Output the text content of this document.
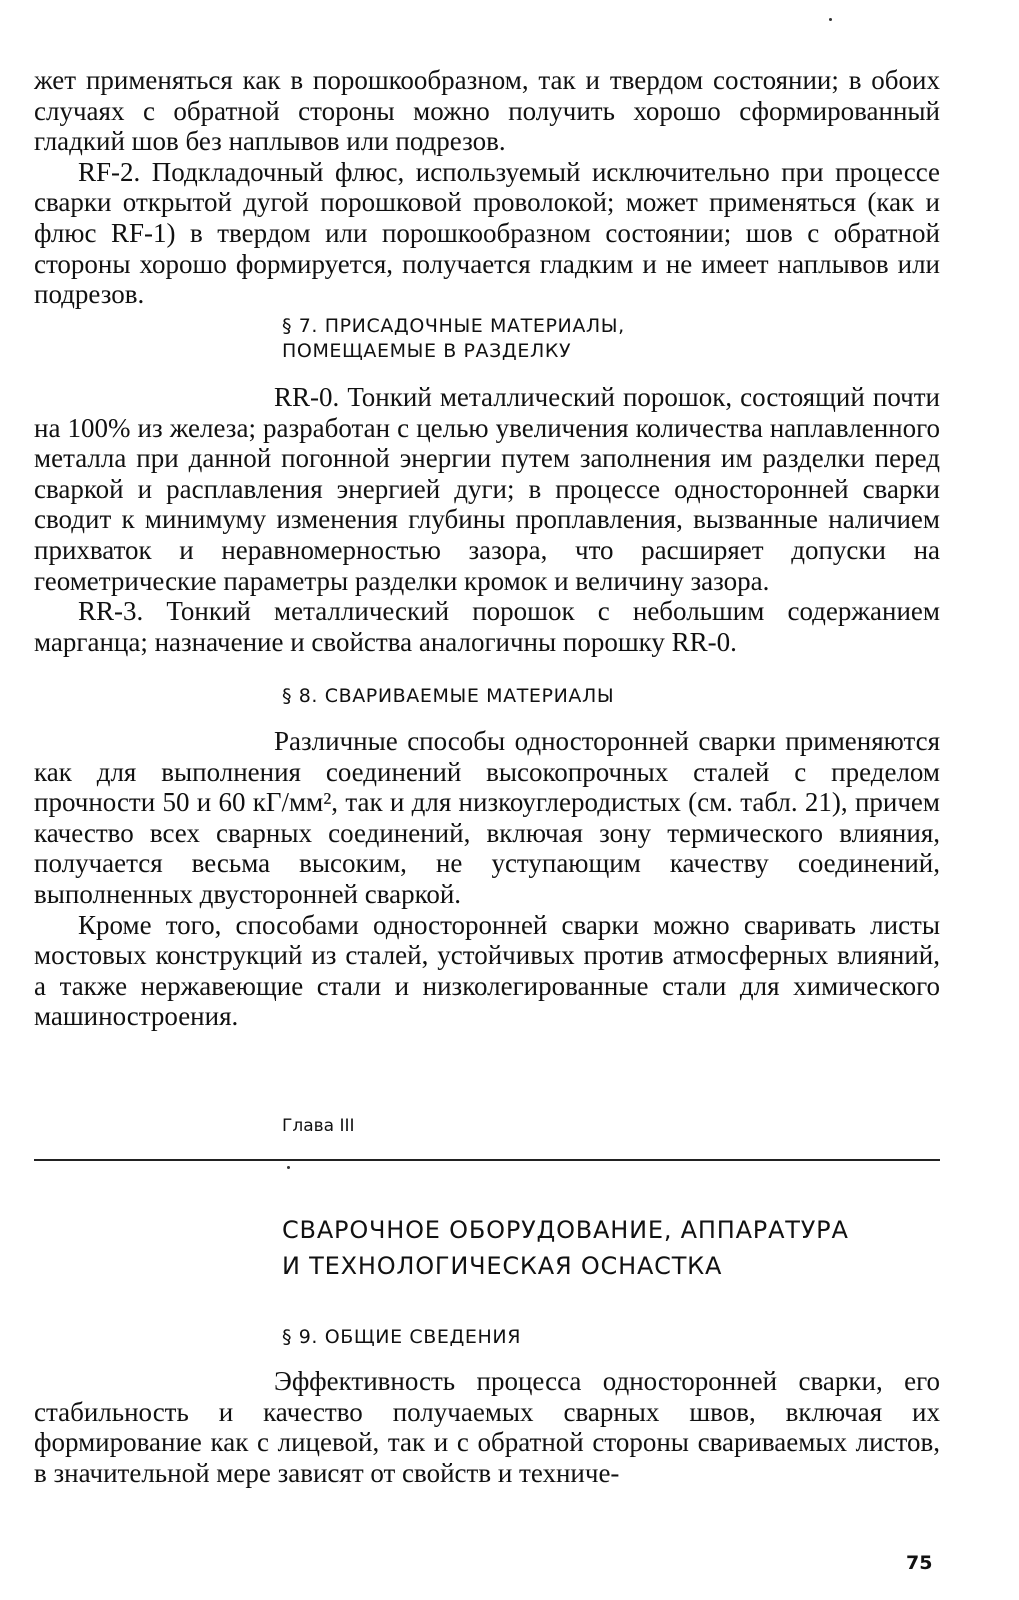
жет применяться как в порошкообразном, так и твердом состоянии; в обоих случаях с обратной стороны можно получить хорошо сформированный гладкий шов без наплывов или подрезов.

RF-2. Подкладочный флюс, используемый исключительно при процессе сварки открытой дугой порошковой проволокой; может применяться (как и флюс RF-1) в твердом или порошкообразном состоянии; шов с обратной стороны хорошо формируется, получается гладким и не имеет наплывов или подрезов.

§ 7. ПРИСАДОЧНЫЕ МАТЕРИАЛЫ,
ПОМЕЩАЕМЫЕ В РАЗДЕЛКУ

RR-0. Тонкий металлический порошок, состоящий почти на 100% из железа; разработан с целью увеличения количества наплавленного металла при данной погонной энергии путем заполнения им разделки перед сваркой и расплавления энергией дуги; в процессе односторонней сварки сводит к минимуму изменения глубины проплавления, вызванные наличием прихваток и неравномерностью зазора, что расширяет допуски на геометрические параметры разделки кромок и величину зазора.

RR-3. Тонкий металлический порошок с небольшим содержанием марганца; назначение и свойства аналогичны порошку RR-0.

§ 8. СВАРИВАЕМЫЕ МАТЕРИАЛЫ

Различные способы односторонней сварки применяются как для выполнения соединений высокопрочных сталей с пределом прочности 50 и 60 кГ/мм², так и для низкоуглеродистых (см. табл. 21), причем качество всех сварных соединений, включая зону термического влияния, получается весьма высоким, не уступающим качеству соединений, выполненных двусторонней сваркой.

Кроме того, способами односторонней сварки можно сваривать листы мостовых конструкций из сталей, устойчивых против атмосферных влияний, а также нержавеющие стали и низколегированные стали для химического машиностроения.

Глава III
СВАРОЧНОЕ ОБОРУДОВАНИЕ, АППАРАТУРА
И ТЕХНОЛОГИЧЕСКАЯ ОСНАСТКА
§ 9. ОБЩИЕ СВЕДЕНИЯ

Эффективность процесса односторонней сварки, его стабильность и качество получаемых сварных швов, включая их формирование как с лицевой, так и с обратной стороны свариваемых листов, в значительной мере зависят от свойств и техниче-

75
